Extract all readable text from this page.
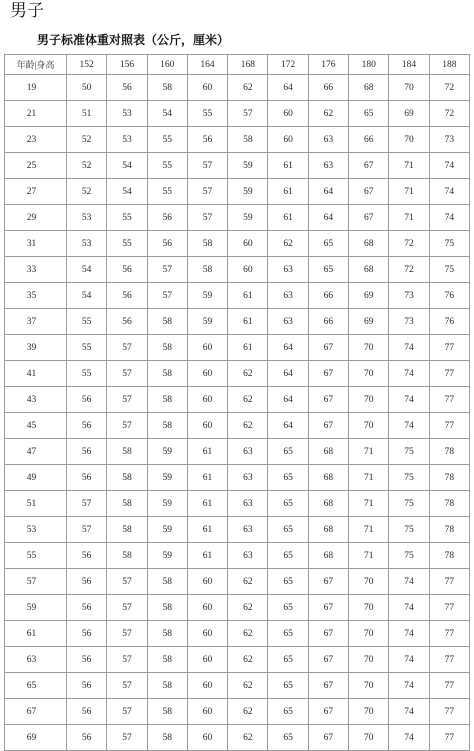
男子
男子标准体重对照表（公斤，厘米）
年龄|身高	152	156	160	164	168	172	176	180	184	188
19	50	56	58	60	62	64	66	68	70	72
21	51	53	54	55	57	60	62	65	69	72
23	52	53	55	56	58	60	63	66	70	73
25	52	54	55	57	59	61	63	67	71	74
27	52	54	55	57	59	61	64	67	71	74
29	53	55	56	57	59	61	64	67	71	74
31	53	55	56	58	60	62	65	68	72	75
33	54	56	57	58	60	63	65	68	72	75
35	54	56	57	59	61	63	66	69	73	76
37	55	56	58	59	61	63	66	69	73	76
39	55	57	58	60	61	64	67	70	74	77
41	55	57	58	60	62	64	67	70	74	77
43	56	57	58	60	62	64	67	70	74	77
45	56	57	58	60	62	64	67	70	74	77
47	56	58	59	61	63	65	68	71	75	78
49	56	58	59	61	63	65	68	71	75	78
51	57	58	59	61	63	65	68	71	75	78
53	57	58	59	61	63	65	68	71	75	78
55	56	58	59	61	63	65	68	71	75	78
57	56	57	58	60	62	65	67	70	74	77
59	56	57	58	60	62	65	67	70	74	77
61	56	57	58	60	62	65	67	70	74	77
63	56	57	58	60	62	65	67	70	74	77
65	56	57	58	60	62	65	67	70	74	77
67	56	57	58	60	62	65	67	70	74	77
69	56	57	58	60	62	65	67	70	74	77
